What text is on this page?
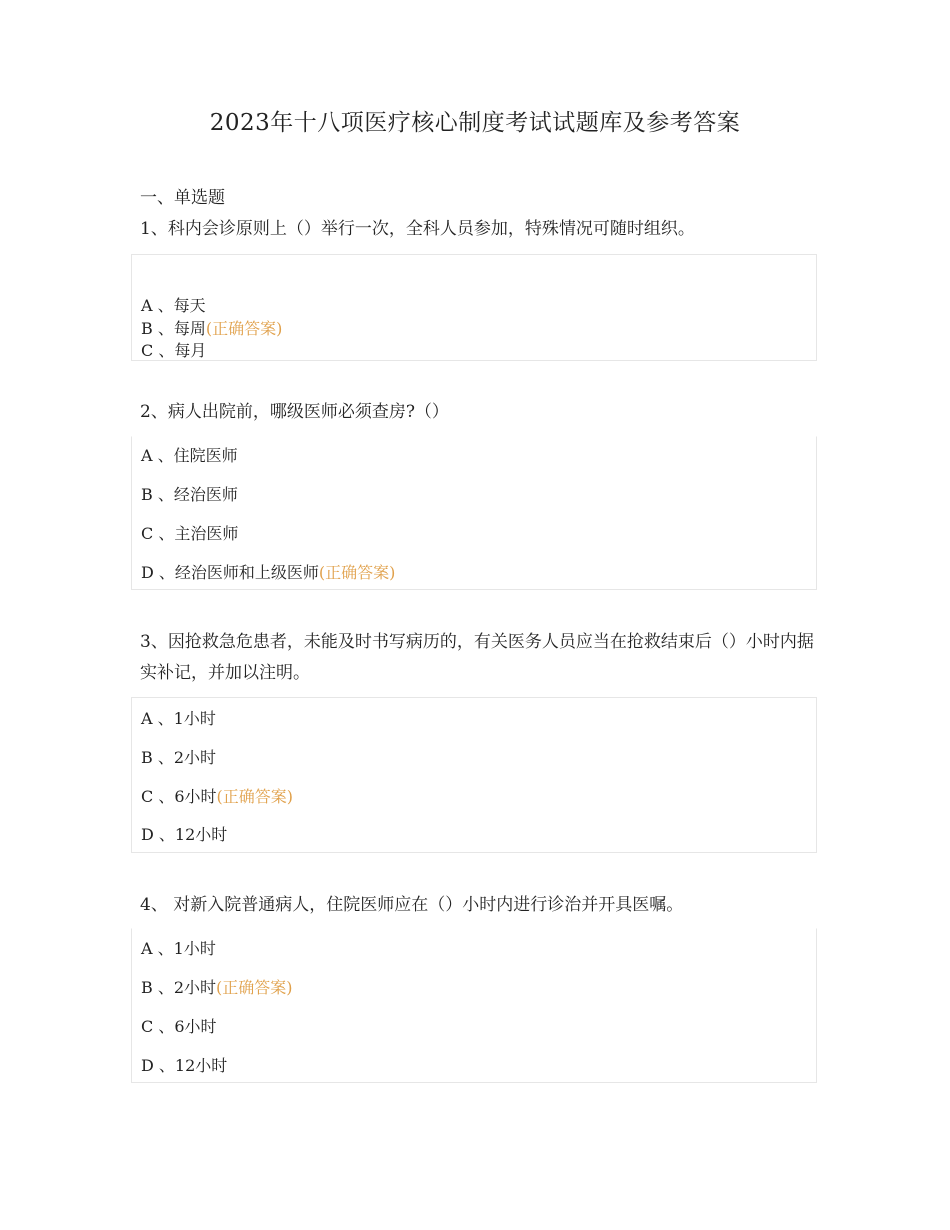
2023年十八项医疗核心制度考试试题库及参考答案
一、单选题
1、科内会诊原则上（）举行一次，全科人员参加，特殊情况可随时组织。
A 、每天
B 、每周(正确答案)
C 、每月
2、病人出院前，哪级医师必须查房?（）
A 、住院医师
B 、经治医师
C 、主治医师
D 、经治医师和上级医师(正确答案)
3、因抢救急危患者，未能及时书写病历的，有关医务人员应当在抢救结束后（）小时内据实补记，并加以注明。
A 、1小时
B 、2小时
C 、6小时(正确答案)
D 、12小时
4、 对新入院普通病人，住院医师应在（）小时内进行诊治并开具医嘱。
A 、1小时
B 、2小时(正确答案)
C 、6小时
D 、12小时
